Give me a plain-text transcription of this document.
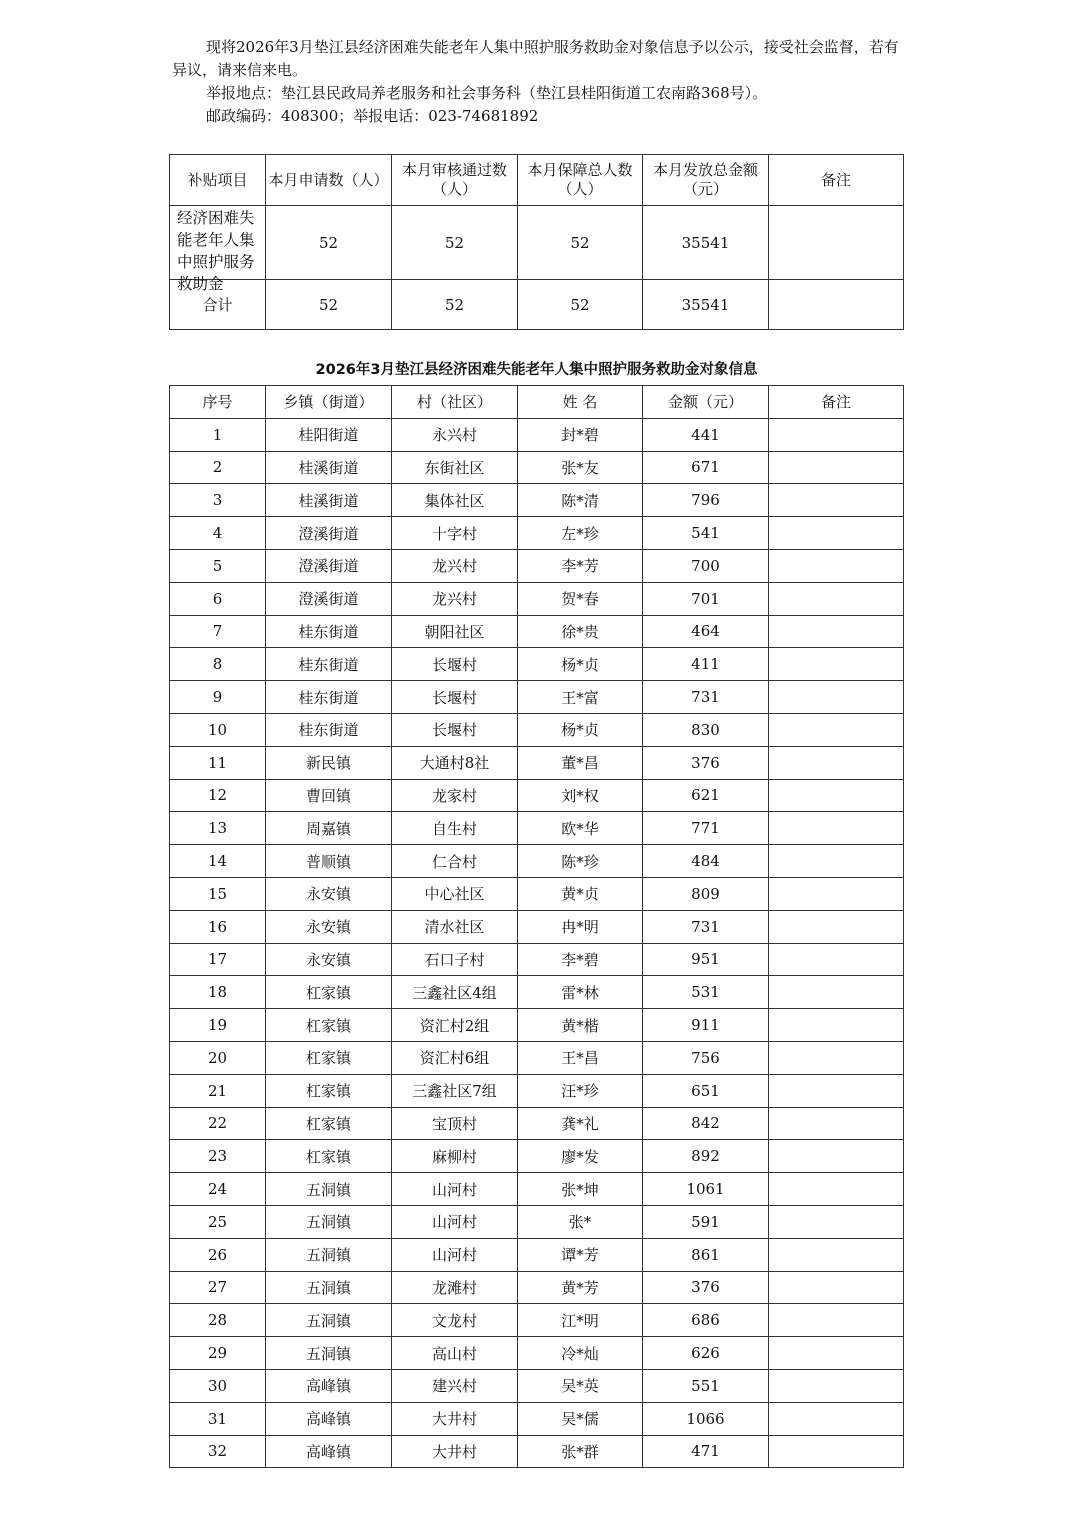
现将2026年3月垫江县经济困难失能老年人集中照护服务救助金对象信息予以公示，接受社会监督，若有异议，请来信来电。

举报地点：垫江县民政局养老服务和社会事务科（垫江县桂阳街道工农南路368号）。

邮政编码：408300；举报电话：023-74681892

补贴项目	本月申请数（人）	本月审核通过数（人）	本月保障总人数（人）	本月发放总金额（元）	备注

经济困难失能老年人集中照护服务救助金	52	52	52	35541	
合计	52	52	52	35541	
2026年3月垫江县经济困难失能老年人集中照护服务救助金对象信息
序号	乡镇（街道）	村（社区）	姓 名	金额（元）	备注
1	桂阳街道	永兴村	封*碧	441	
2	桂溪街道	东街社区	张*友	671	
3	桂溪街道	集体社区	陈*清	796	
4	澄溪街道	十字村	左*珍	541	
5	澄溪街道	龙兴村	李*芳	700	
6	澄溪街道	龙兴村	贺*春	701	
7	桂东街道	朝阳社区	徐*贵	464	
8	桂东街道	长堰村	杨*贞	411	
9	桂东街道	长堰村	王*富	731	
10	桂东街道	长堰村	杨*贞	830	
11	新民镇	大通村8社	董*昌	376	
12	曹回镇	龙家村	刘*权	621	
13	周嘉镇	自生村	欧*华	771	
14	普顺镇	仁合村	陈*珍	484	
15	永安镇	中心社区	黄*贞	809	
16	永安镇	清水社区	冉*明	731	
17	永安镇	石口子村	李*碧	951	
18	杠家镇	三鑫社区4组	雷*林	531	
19	杠家镇	资汇村2组	黄*楷	911	
20	杠家镇	资汇村6组	王*昌	756	
21	杠家镇	三鑫社区7组	汪*珍	651	
22	杠家镇	宝顶村	龚*礼	842	
23	杠家镇	麻柳村	廖*发	892	
24	五洞镇	山河村	张*坤	1061	
25	五洞镇	山河村	张*	591	
26	五洞镇	山河村	谭*芳	861	
27	五洞镇	龙滩村	黄*芳	376	
28	五洞镇	文龙村	江*明	686	
29	五洞镇	高山村	冷*灿	626	
30	高峰镇	建兴村	吴*英	551	
31	高峰镇	大井村	吴*儒	1066	
32	高峰镇	大井村	张*群	471	
